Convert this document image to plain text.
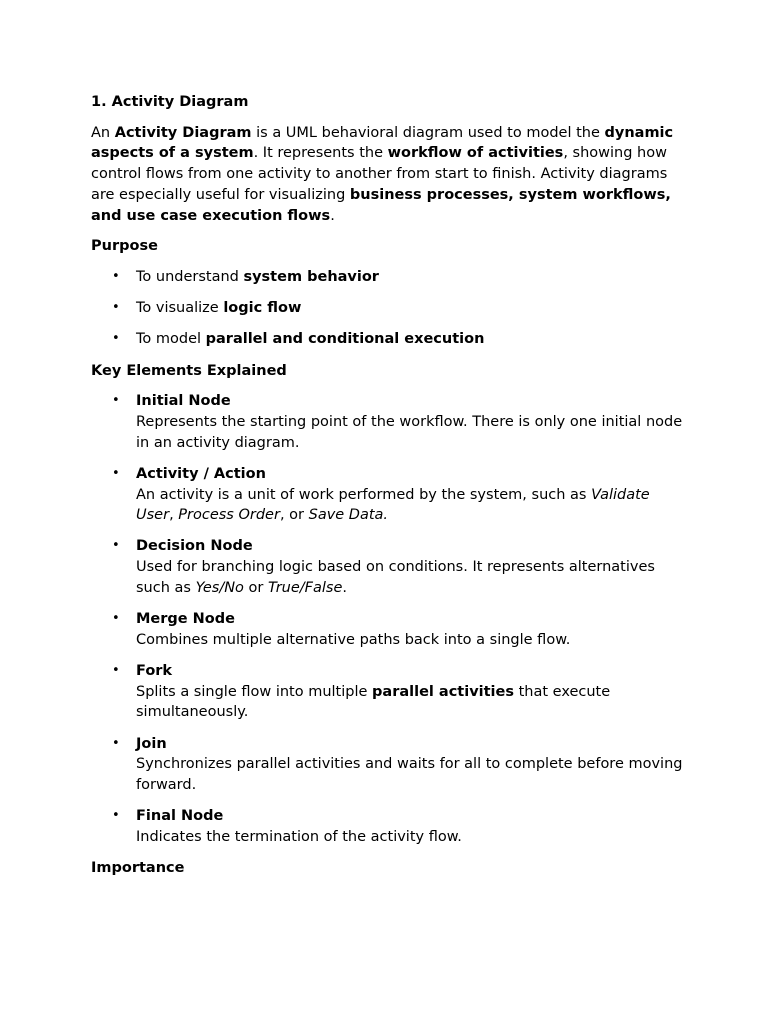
1. Activity Diagram
An Activity Diagram is a UML behavioral diagram used to model the dynamic aspects of a system. It represents the workflow of activities, showing how control flows from one activity to another from start to finish. Activity diagrams are especially useful for visualizing business processes, system workflows, and use case execution flows.
Purpose
• To understand system behavior
• To visualize logic flow
• To model parallel and conditional execution
Key Elements Explained
• Initial Node
Represents the starting point of the workflow. There is only one initial node in an activity diagram.
• Activity / Action
An activity is a unit of work performed by the system, such as Validate User, Process Order, or Save Data.
• Decision Node
Used for branching logic based on conditions. It represents alternatives such as Yes/No or True/False.
• Merge Node
Combines multiple alternative paths back into a single flow.
• Fork
Splits a single flow into multiple parallel activities that execute simultaneously.
• Join
Synchronizes parallel activities and waits for all to complete before moving forward.
• Final Node
Indicates the termination of the activity flow.
Importance
